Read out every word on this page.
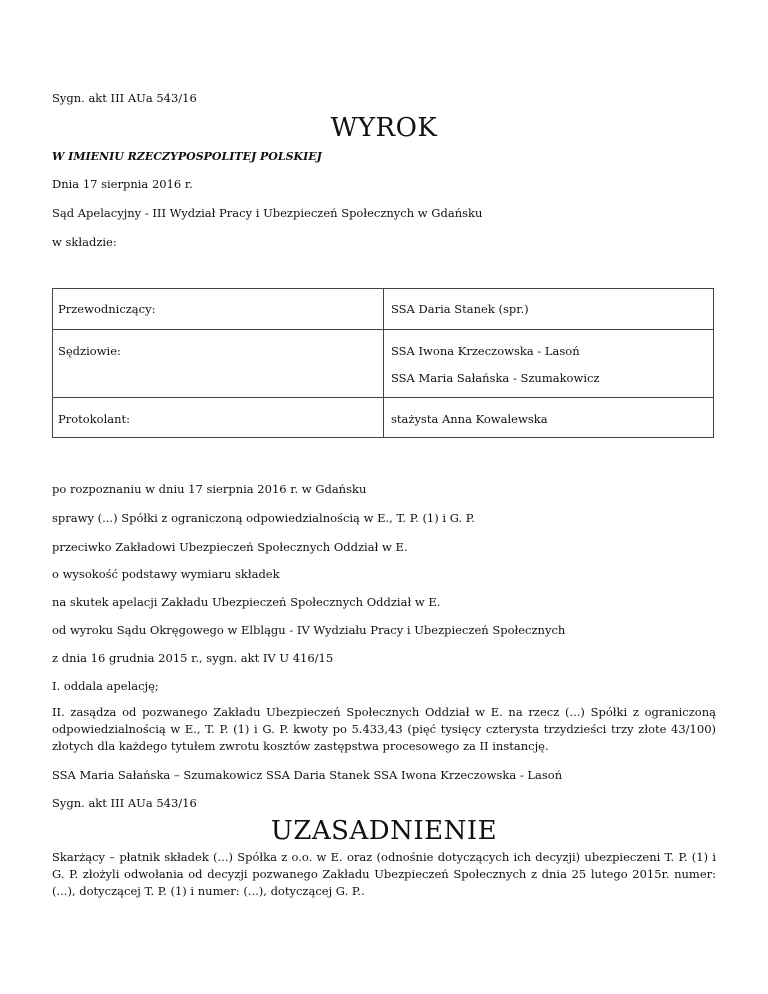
Sygn. akt III AUa 543/16
WYROK
W IMIENIU RZECZYPOSPOLITEJ POLSKIEJ
Dnia 17 sierpnia 2016 r.
Sąd Apelacyjny - III Wydział Pracy i Ubezpieczeń Społecznych w Gdańsku
w składzie:
Przewodniczący:	SSA Daria Stanek (spr.)
Sędziowie:	SSA Iwona Krzeczowska - Lasoń
SSA Maria Sałańska - Szumakowicz
Protokolant:	stażysta Anna Kowalewska
po rozpoznaniu w dniu 17 sierpnia 2016 r. w Gdańsku
sprawy (...) Spółki z ograniczoną odpowiedzialnością w E., T. P. (1) i G. P.
przeciwko Zakładowi Ubezpieczeń Społecznych Oddział w E.
o wysokość podstawy wymiaru składek
na skutek apelacji Zakładu Ubezpieczeń Społecznych Oddział w E.
od wyroku Sądu Okręgowego w Elblągu - IV Wydziału Pracy i Ubezpieczeń Społecznych
z dnia 16 grudnia 2015 r., sygn. akt IV U 416/15
I. oddala apelację;
II. zasądza od pozwanego Zakładu Ubezpieczeń Społecznych Oddział w E. na rzecz (...) Spółki z ograniczoną odpowiedzialnością w E., T. P. (1) i G. P. kwoty po 5.433,43 (pięć tysięcy czterysta trzydzieści trzy złote 43/100) złotych dla każdego tytułem zwrotu kosztów zastępstwa procesowego za II instancję.
SSA Maria Sałańska – Szumakowicz SSA Daria Stanek SSA Iwona Krzeczowska - Lasoń
Sygn. akt III AUa 543/16
UZASADNIENIE
Skarżący – płatnik składek (...) Spółka z o.o. w E. oraz (odnośnie dotyczących ich decyzji) ubezpieczeni T. P. (1) i G. P. złożyli odwołania od decyzji pozwanego Zakładu Ubezpieczeń Społecznych z dnia 25 lutego 2015r. numer: (...), dotyczącej T. P. (1) i numer: (...), dotyczącej G. P..
